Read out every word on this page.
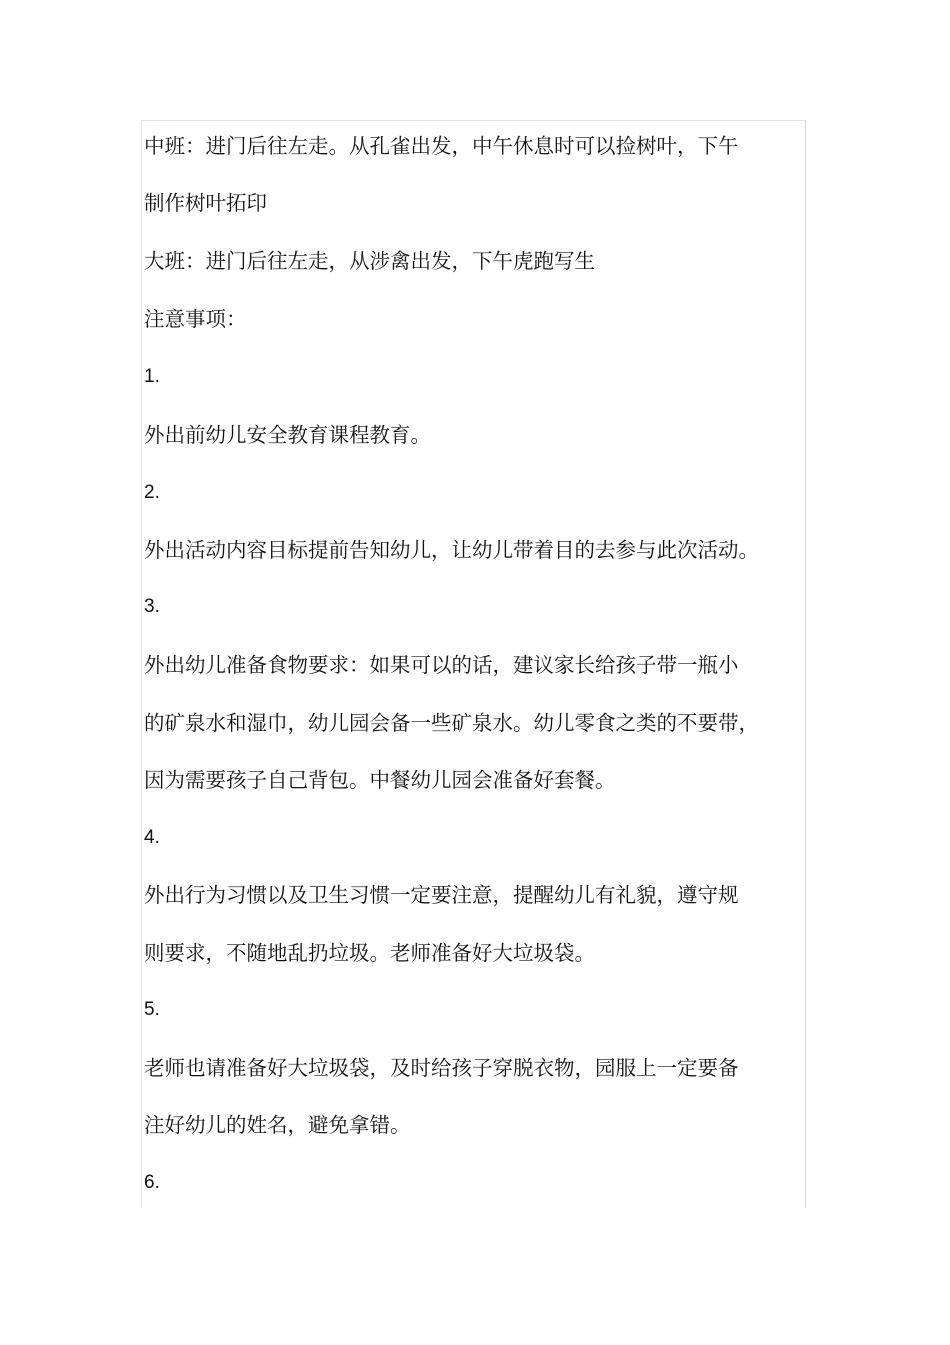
中班：进门后往左走。从孔雀出发，中午休息时可以捡树叶，下午
制作树叶拓印
大班：进门后往左走，从涉禽出发，下午虎跑写生
注意事项：
1.
外出前幼儿安全教育课程教育。
2.
外出活动内容目标提前告知幼儿，让幼儿带着目的去参与此次活动。
3.
外出幼儿准备食物要求：如果可以的话，建议家长给孩子带一瓶小
的矿泉水和湿巾，幼儿园会备一些矿泉水。幼儿零食之类的不要带，
因为需要孩子自己背包。中餐幼儿园会准备好套餐。
4.
外出行为习惯以及卫生习惯一定要注意，提醒幼儿有礼貌，遵守规
则要求，不随地乱扔垃圾。老师准备好大垃圾袋。
5.
老师也请准备好大垃圾袋，及时给孩子穿脱衣物，园服上一定要备
注好幼儿的姓名，避免拿错。
6.
